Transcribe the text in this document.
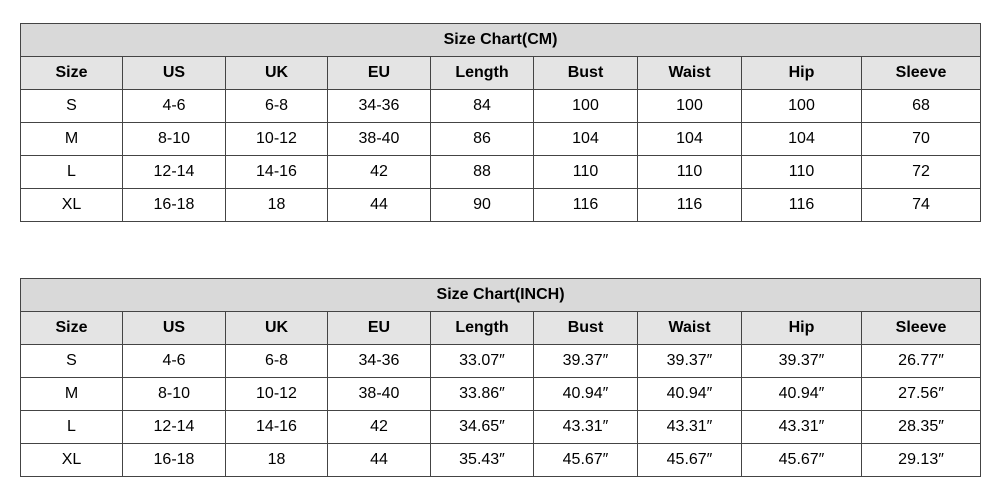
Size Chart(CM)								
Size	US	UK	EU	Length	Bust	Waist	Hip	Sleeve
S	4-6	6-8	34-36	84	100	100	100	68
M	8-10	10-12	38-40	86	104	104	104	70
L	12-14	14-16	42	88	110	110	110	72
XL	16-18	18	44	90	116	116	116	74
Size Chart(INCH)								
Size	US	UK	EU	Length	Bust	Waist	Hip	Sleeve
S	4-6	6-8	34-36	33.07″	39.37″	39.37″	39.37″	26.77″
M	8-10	10-12	38-40	33.86″	40.94″	40.94″	40.94″	27.56″
L	12-14	14-16	42	34.65″	43.31″	43.31″	43.31″	28.35″
XL	16-18	18	44	35.43″	45.67″	45.67″	45.67″	29.13″
